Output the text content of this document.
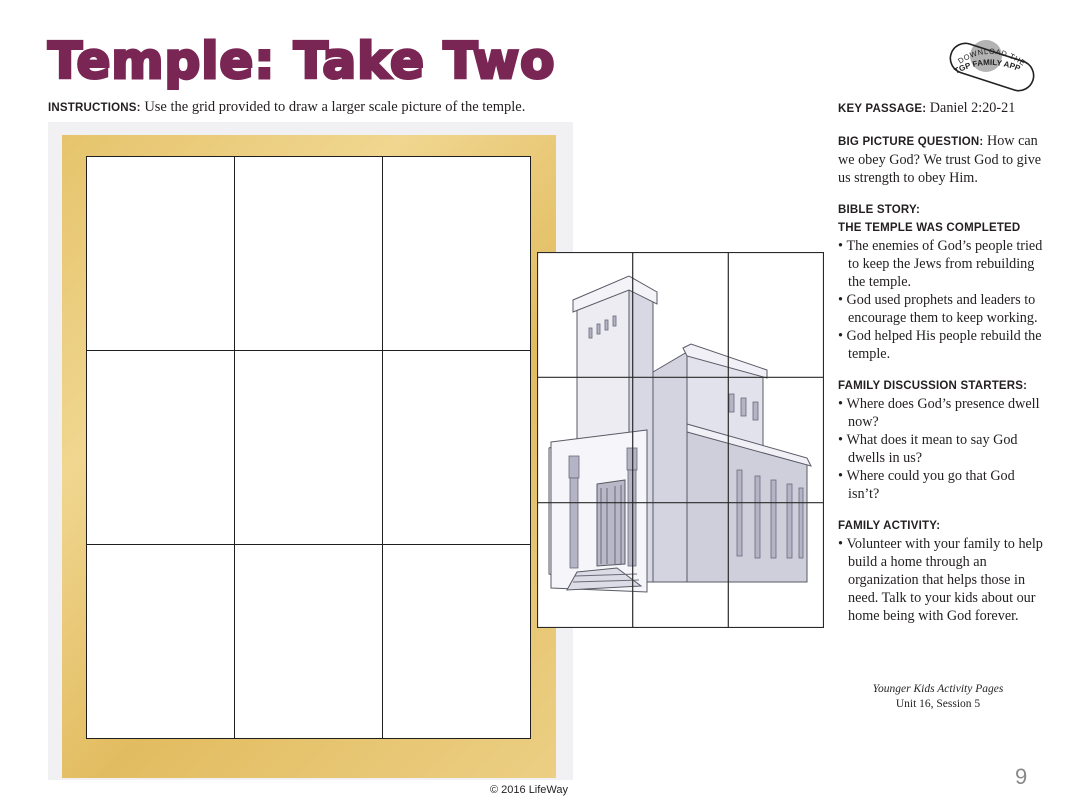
Temple: Take Two
INSTRUCTIONS: Use the grid provided to draw a larger scale picture of the temple.
DOWNLOAD THE
TGP FAMILY APP
KEY PASSAGE: Daniel 2:20-21
BIG PICTURE QUESTION: How can we obey God? We trust God to give us strength to obey Him.

BIBLE STORY:

THE TEMPLE WAS COMPLETED

• The enemies of God’s people tried to keep the Jews from rebuilding the temple.
• God used prophets and leaders to encourage them to keep working.
• God helped His people rebuild the temple.

FAMILY DISCUSSION STARTERS:

• Where does God’s presence dwell now?
• What does it mean to say God dwells in us?
• Where could you go that God isn’t?

FAMILY ACTIVITY:

• Volunteer with your family to help build a home through an organization that helps those in need. Talk to your kids about our home being with God forever.
Younger Kids Activity Pages
Unit 16, Session 5
© 2016 LifeWay
9
